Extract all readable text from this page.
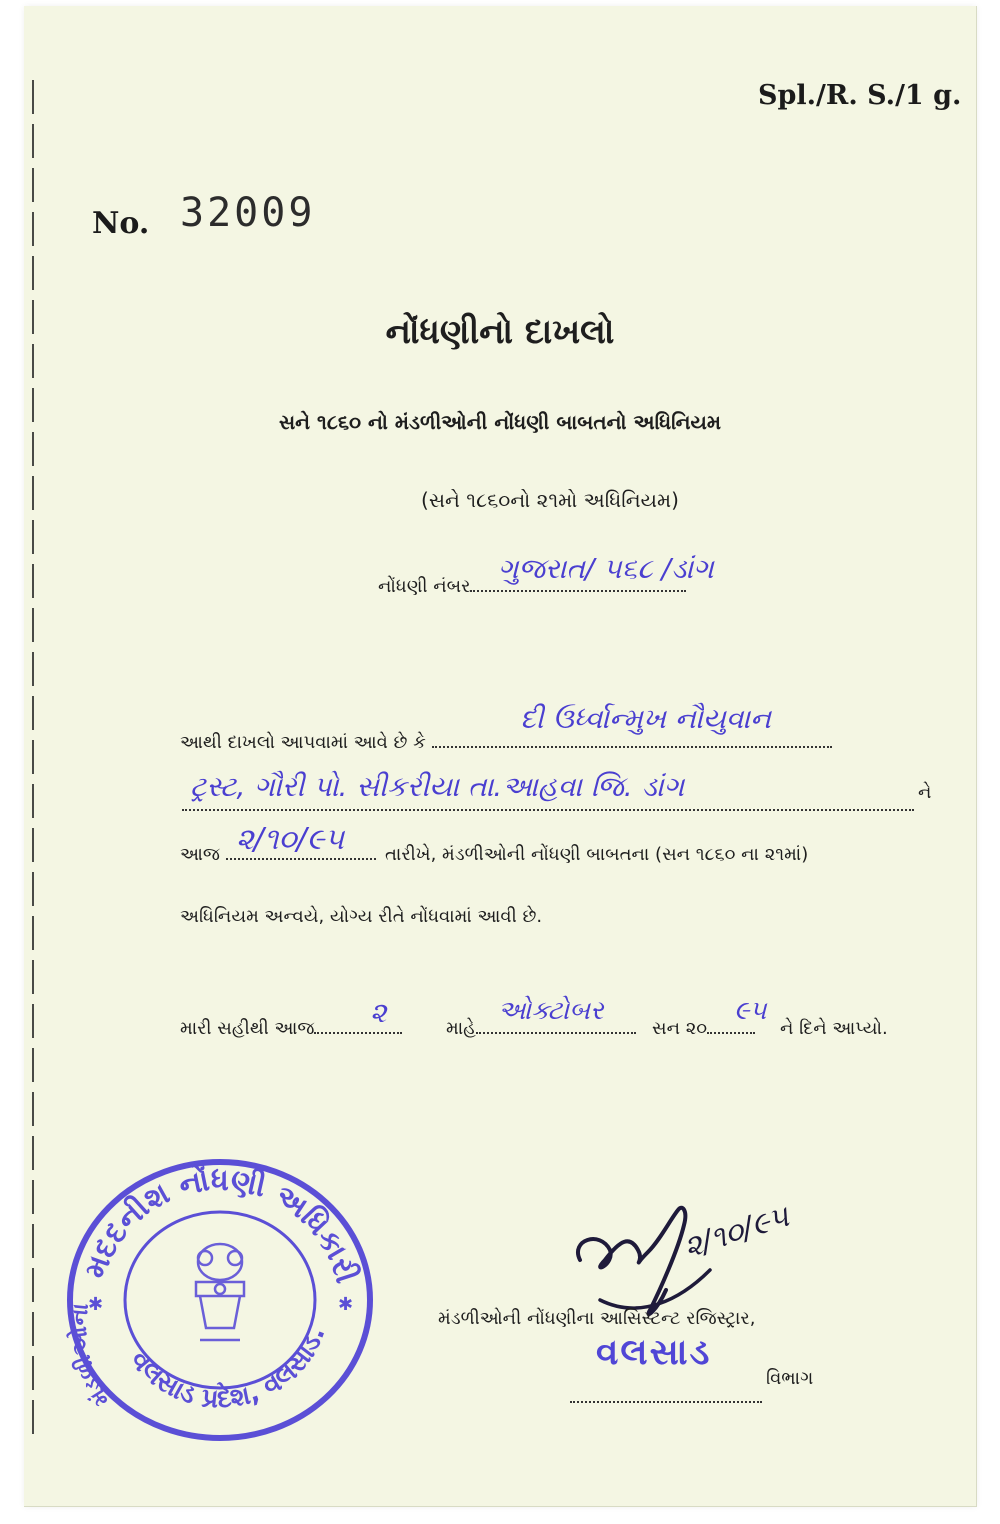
Spl./R. S./1 g.
No. 32009
નોંધણીનો દાખલો
સને ૧૮૬૦ નો મંડળીઓની નોંધણી બાબતનો અધિનિયમ
(સને ૧૮૬૦નો ૨૧મો અધિનિયમ)
નોંધણી નંબર
ગુજરાત/ ૫૬૮ /ડાંગ
આથી દાખલો આપવામાં આવે છે કે
દી ઉર્ધ્વાન્મુખ નૌયુવાન
ટ્રસ્ટ, ગૌરી પો. સીકરીયા તા.આહવા જિ. ડાંગ	ને
આજ ૨/૧૦/૯૫ તારીખે, મંડળીઓની નોંધણી બાબતના (સન ૧૮૬૦ ના ૨૧માં)
અધિનિયમ અન્વયે, યોગ્ય રીતે નોંધવામાં આવી છે.
મારી સહીથી આજ	૨	માહે
ઓક્ટોબર
સન ૨૦
૯૫
ને દિને આપ્યો.
મદદનીશ નોંધણી અધિકારી
મંડળીઓના
વલસાડ પ્રદેશ, વલસાડ.
✱	✱
૨/૧૦/૯૫
મંડળીઓની નોંધણીના આસિસ્ટન્ટ રજિસ્ટ્રાર,
વલસાડ
વિભાગ
